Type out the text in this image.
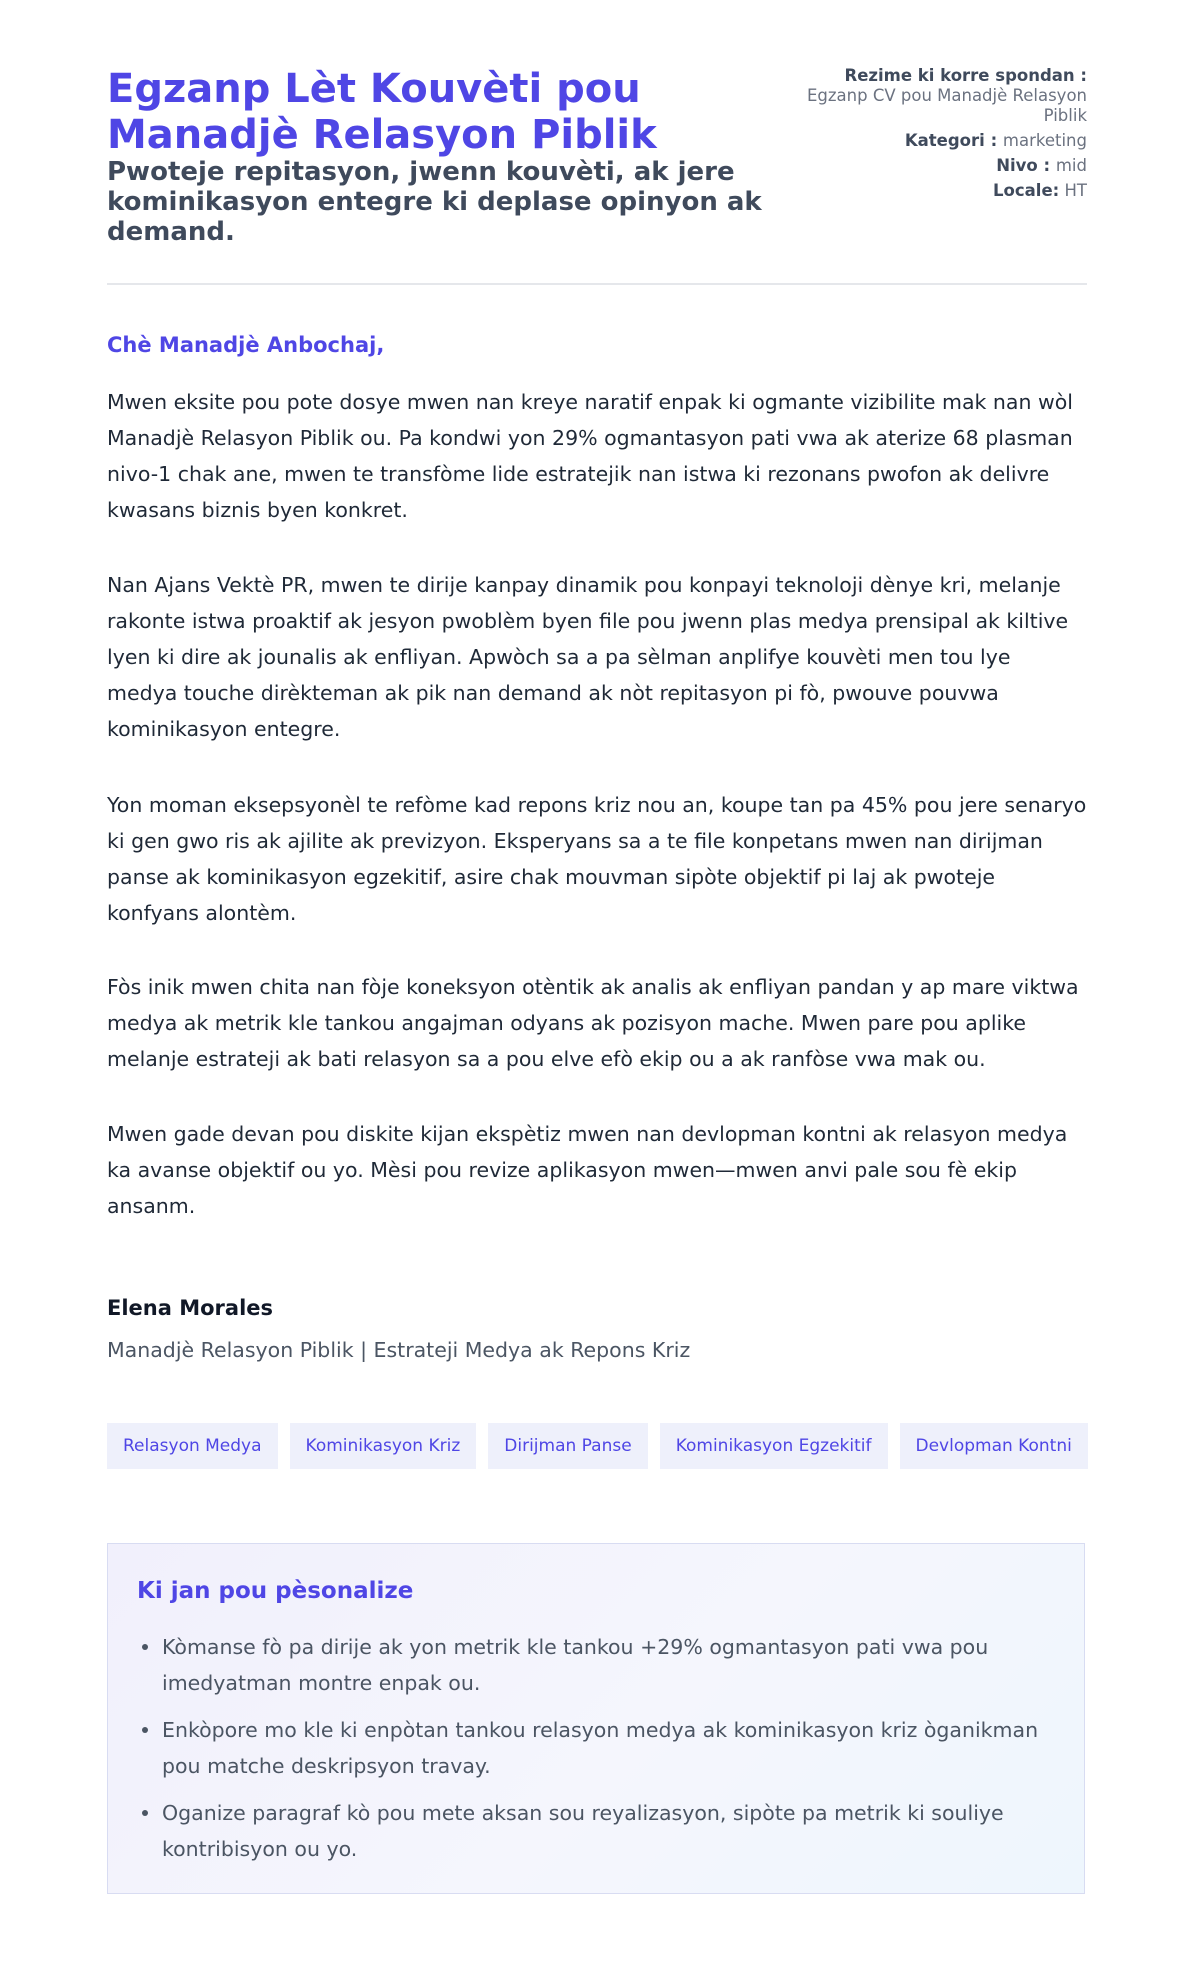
Egzanp Lèt Kouvèti pou Manadjè Relasyon Piblik

Pwoteje repitasyon, jwenn kouvèti, ak jere kominikasyon entegre ki deplase opinyon ak demand.

Rezime ki korre spondan :
Egzanp CV pou Manadjè Relasyon Piblik
Kategori : marketing
Nivo : mid
Locale: HT

Chè Manadjè Anbochaj,

Mwen eksite pou pote dosye mwen nan kreye naratif enpak ki ogmante vizibilite mak nan wòl Manadjè Relasyon Piblik ou. Pa kondwi yon 29% ogmantasyon pati vwa ak aterize 68 plasman nivo-1 chak ane, mwen te transfòme lide estratejik nan istwa ki rezonans pwofon ak delivre kwasans biznis byen konkret.

Nan Ajans Vektè PR, mwen te dirije kanpay dinamik pou konpayi teknoloji dènye kri, melanje rakonte istwa proaktif ak jesyon pwoblèm byen file pou jwenn plas medya prensipal ak kiltive lyen ki dire ak jounalis ak enfliyan. Apwòch sa a pa sèlman anplifye kouvèti men tou lye medya touche dirèkteman ak pik nan demand ak nòt repitasyon pi fò, pwouve pouvwa kominikasyon entegre.

Yon moman eksepsyonèl te refòme kad repons kriz nou an, koupe tan pa 45% pou jere senaryo ki gen gwo ris ak ajilite ak previzyon. Eksperyans sa a te file konpetans mwen nan dirijman panse ak kominikasyon egzekitif, asire chak mouvman sipòte objektif pi laj ak pwoteje konfyans alontèm.

Fòs inik mwen chita nan fòje koneksyon otèntik ak analis ak enfliyan pandan y ap mare viktwa medya ak metrik kle tankou angajman odyans ak pozisyon mache. Mwen pare pou aplike melanje estrateji ak bati relasyon sa a pou elve efò ekip ou a ak ranfòse vwa mak ou.

Mwen gade devan pou diskite kijan ekspètiz mwen nan devlopman kontni ak relasyon medya ka avanse objektif ou yo. Mèsi pou revize aplikasyon mwen—mwen anvi pale sou fè ekip ansanm.

Elena Morales

Manadjè Relasyon Piblik | Estrateji Medya ak Repons Kriz

Relasyon Medya	Kominikasyon Kriz	Dirijman Panse	Kominikasyon Egzekitif	Devlopman Kontni
Ki jan pou pèsonalize
Kòmanse fò pa dirije ak yon metrik kle tankou +29% ogmantasyon pati vwa pou imedyatman montre enpak ou.
Enkòpore mo kle ki enpòtan tankou relasyon medya ak kominikasyon kriz òganikman pou matche deskripsyon travay.
Oganize paragraf kò pou mete aksan sou reyalizasyon, sipòte pa metrik ki souliye kontribisyon ou yo.
